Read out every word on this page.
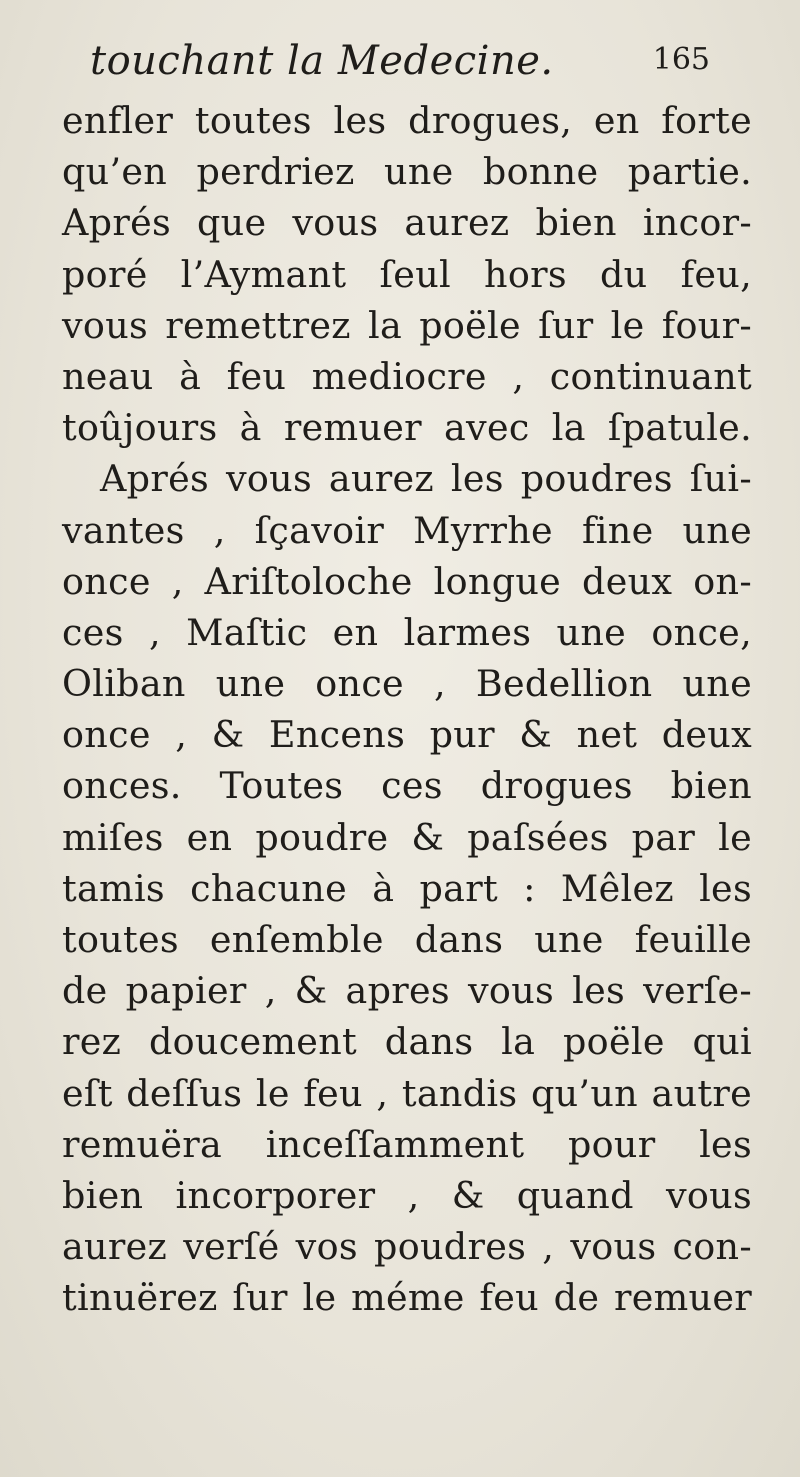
touchant la Medecine.	165
enfler toutes les drogues, en forte
qu’en perdriez une bonne partie.
Aprés que vous aurez bien incor-
poré l’Aymant ſeul hors du feu,
vous remettrez la poële ſur le four-
neau à feu mediocre , continuant
toûjours à remuer avec la ſpatule.
Aprés vous aurez les poudres ſui-
vantes , ſçavoir Myrrhe fine une
once , Ariſtoloche longue deux on-
ces , Maſtic en larmes une once,
Oliban une once , Bedellion une
once , & Encens pur & net deux
onces. Toutes ces drogues bien
miſes en poudre & paſsées par le
tamis chacune à part : Mêlez les
toutes enſemble dans une feuille
de papier , & apres vous les verſe-
rez doucement dans la poële qui
eſt deſſus le feu , tandis qu’un autre
remuëra inceſſamment pour les
bien incorporer , & quand vous
aurez verſé vos poudres , vous con-
tinuërez ſur le méme feu de remuer
